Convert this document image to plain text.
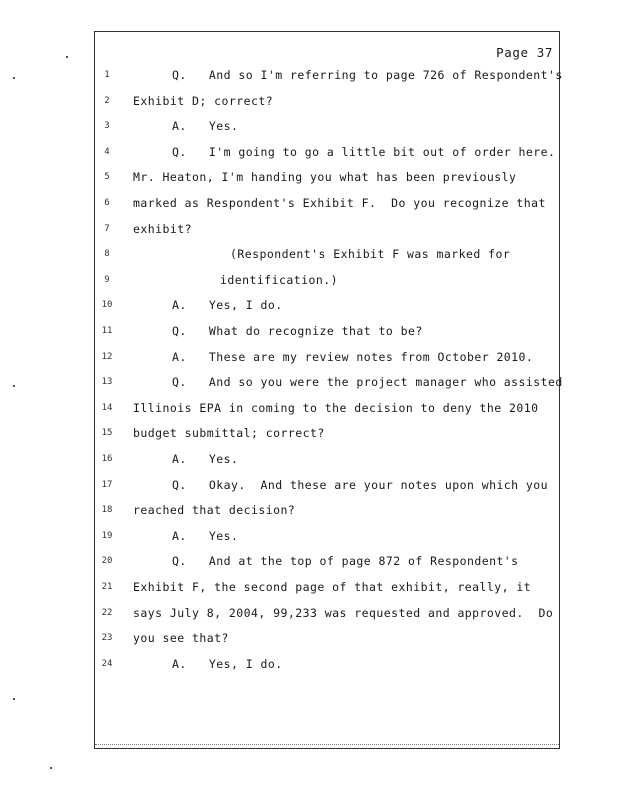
Page 37
1	Q.   And so I'm referring to page 726 of Respondent's
2	Exhibit D; correct?
3	A.   Yes.
4	Q.   I'm going to go a little bit out of order here.
5	Mr. Heaton, I'm handing you what has been previously
6	marked as Respondent's Exhibit F.  Do you recognize that
7	exhibit?
8	(Respondent's Exhibit F was marked for
9	identification.)
10	A.   Yes, I do.
11	Q.   What do recognize that to be?
12	A.   These are my review notes from October 2010.
13	Q.   And so you were the project manager who assisted
14 Illinois EPA in coming to the decision to deny the 2010
15 budget submittal; correct?
16	A.   Yes.
17	Q.   Okay.  And these are your notes upon which you
18 reached that decision?
19	A.   Yes.
20	Q.   And at the top of page 872 of Respondent's
21 Exhibit F, the second page of that exhibit, really, it
22 says July 8, 2004, 99,233 was requested and approved.  Do
23 you see that?
24	A.   Yes, I do.
